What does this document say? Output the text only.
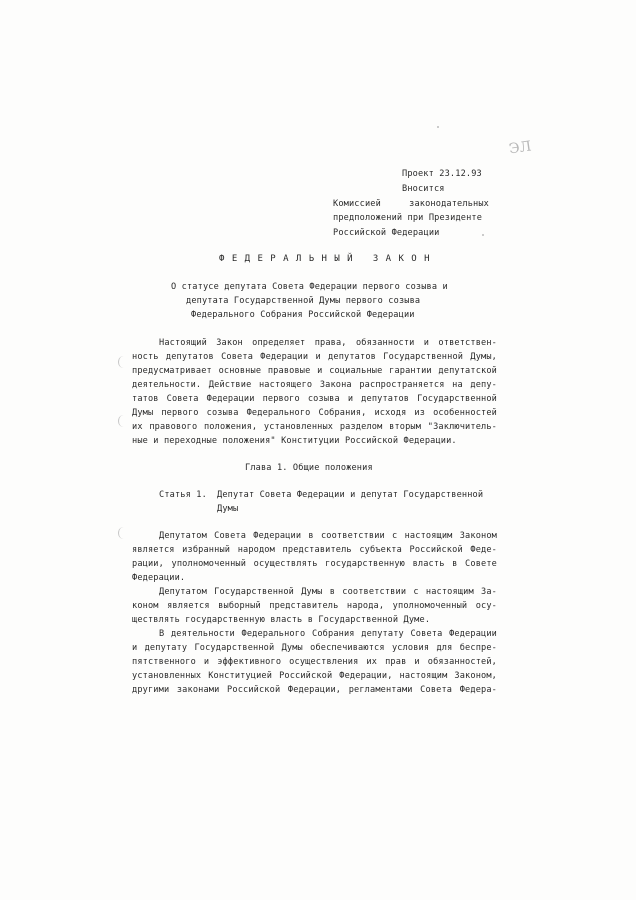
ЭЛ
Проект 23.12.93
Вносится
Комиссией законодательных
предположений при Президенте
Российской Федерации
ФЕДЕРАЛЬНЫЙ ЗАКОН
О статусе депутата Совета Федерации первого созыва и
депутата Государственной Думы первого созыва
Федерального Собрания Российской Федерации
Настоящий Закон определяет права, обязанности и ответствен-
ность депутатов Совета Федерации и депутатов Государственной Думы,
предусматривает основные правовые и социальные гарантии депутатской
деятельности. Действие настоящего Закона распространяется на депу-
татов Совета Федерации первого созыва и депутатов Государственной
Думы первого созыва Федерального Собрания, исходя из особенностей
их правового положения, установленных разделом вторым "Заключитель-
ные и переходные положения" Конституции Российской Федерации.
Глава 1. Общие положения
Статья 1. Депутат Совета Федерации и депутат Государственной
Думы
Депутатом Совета Федерации в соответствии с настоящим Законом
является избранный народом представитель субъекта Российской Феде-
рации, уполномоченный осуществлять государственную власть в Совете
Федерации.
Депутатом Государственной Думы в соответствии с настоящим За-
коном является выборный представитель народа, уполномоченный осу-
ществлять государственную власть в Государственной Думе.
В деятельности Федерального Собрания депутату Совета Федерации
и депутату Государственной Думы обеспечиваются условия для беспре-
пятственного и эффективного осуществления их прав и обязанностей,
установленных Конституцией Российской Федерации, настоящим Законом,
другими законами Российской Федерации, регламентами Совета Федера-
